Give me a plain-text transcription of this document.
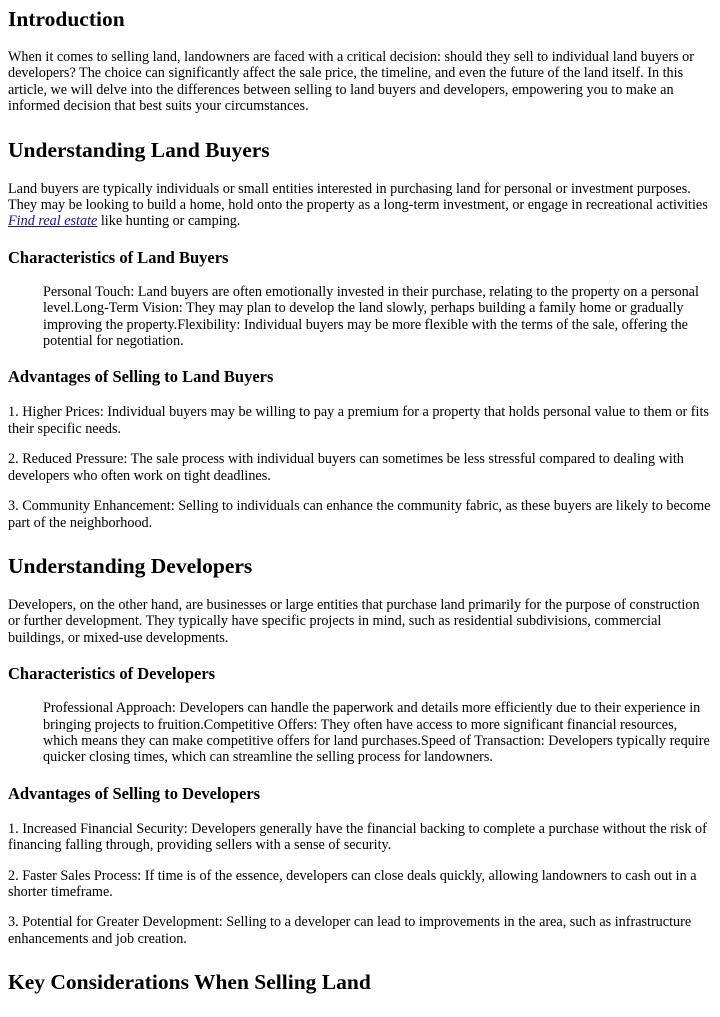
Introduction

When it comes to selling land, landowners are faced with a critical decision: should they sell to individual land buyers or developers? The choice can significantly affect the sale price, the timeline, and even the future of the land itself. In this article, we will delve into the differences between selling to land buyers and developers, empowering you to make an informed decision that best suits your circumstances.

Understanding Land Buyers

Land buyers are typically individuals or small entities interested in purchasing land for personal or investment purposes. They may be looking to build a home, hold onto the property as a long-term investment, or engage in recreational activities Find real estate like hunting or camping.

Characteristics of Land Buyers
Personal Touch: Land buyers are often emotionally invested in their purchase, relating to the property on a personal level.Long-Term Vision: They may plan to develop the land slowly, perhaps building a family home or gradually improving the property.Flexibility: Individual buyers may be more flexible with the terms of the sale, offering the potential for negotiation.
Advantages of Selling to Land Buyers

1. Higher Prices: Individual buyers may be willing to pay a premium for a property that holds personal value to them or fits their specific needs.

2. Reduced Pressure: The sale process with individual buyers can sometimes be less stressful compared to dealing with developers who often work on tight deadlines.

3. Community Enhancement: Selling to individuals can enhance the community fabric, as these buyers are likely to become part of the neighborhood.

Understanding Developers

Developers, on the other hand, are businesses or large entities that purchase land primarily for the purpose of construction or further development. They typically have specific projects in mind, such as residential subdivisions, commercial buildings, or mixed-use developments.

Characteristics of Developers
Professional Approach: Developers can handle the paperwork and details more efficiently due to their experience in bringing projects to fruition.Competitive Offers: They often have access to more significant financial resources, which means they can make competitive offers for land purchases.Speed of Transaction: Developers typically require quicker closing times, which can streamline the selling process for landowners.
Advantages of Selling to Developers

1. Increased Financial Security: Developers generally have the financial backing to complete a purchase without the risk of financing falling through, providing sellers with a sense of security.

2. Faster Sales Process: If time is of the essence, developers can close deals quickly, allowing landowners to cash out in a shorter timeframe.

3. Potential for Greater Development: Selling to a developer can lead to improvements in the area, such as infrastructure enhancements and job creation.

Key Considerations When Selling Land
